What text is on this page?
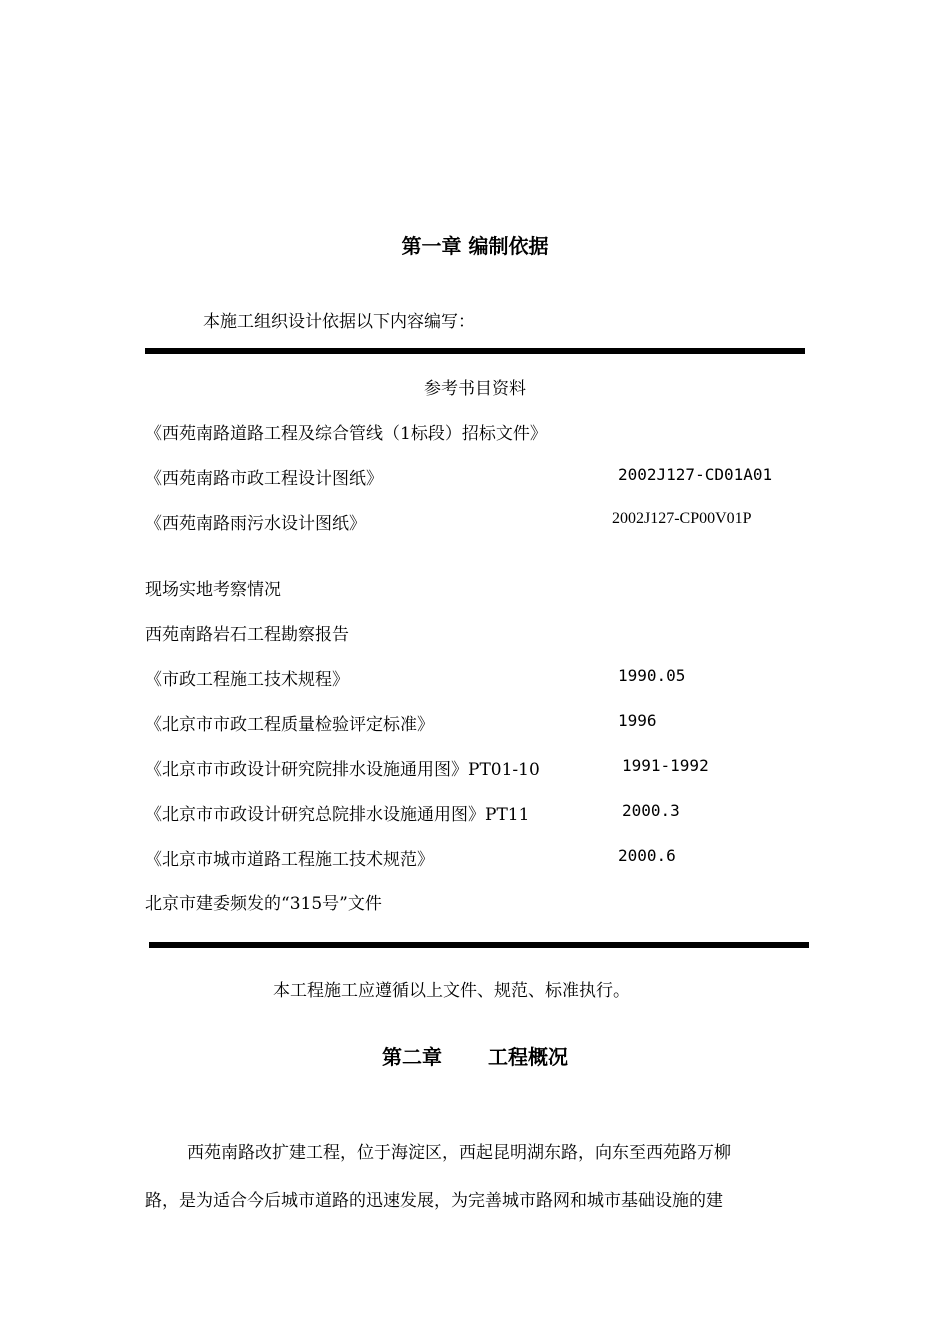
第一章 编制依据
本施工组织设计依据以下内容编写：
参考书目资料
《西苑南路道路工程及综合管线（1标段）招标文件》
《西苑南路市政工程设计图纸》	2002J127-CD01A01
《西苑南路雨污水设计图纸》	2002J127-CP00V01P
现场实地考察情况
西苑南路岩石工程勘察报告
《市政工程施工技术规程》	1990.05
《北京市市政工程质量检验评定标准》	1996
《北京市市政设计研究院排水设施通用图》PT01-10	1991-1992
《北京市市政设计研究总院排水设施通用图》PT11	2000.3
《北京市城市道路工程施工技术规范》	2000.6
北京市建委频发的“315号”文件
本工程施工应遵循以上文件、规范、标准执行。
第二章 工程概况
西苑南路改扩建工程，位于海淀区，西起昆明湖东路，向东至西苑路万柳
路，是为适合今后城市道路的迅速发展，为完善城市路网和城市基础设施的建
